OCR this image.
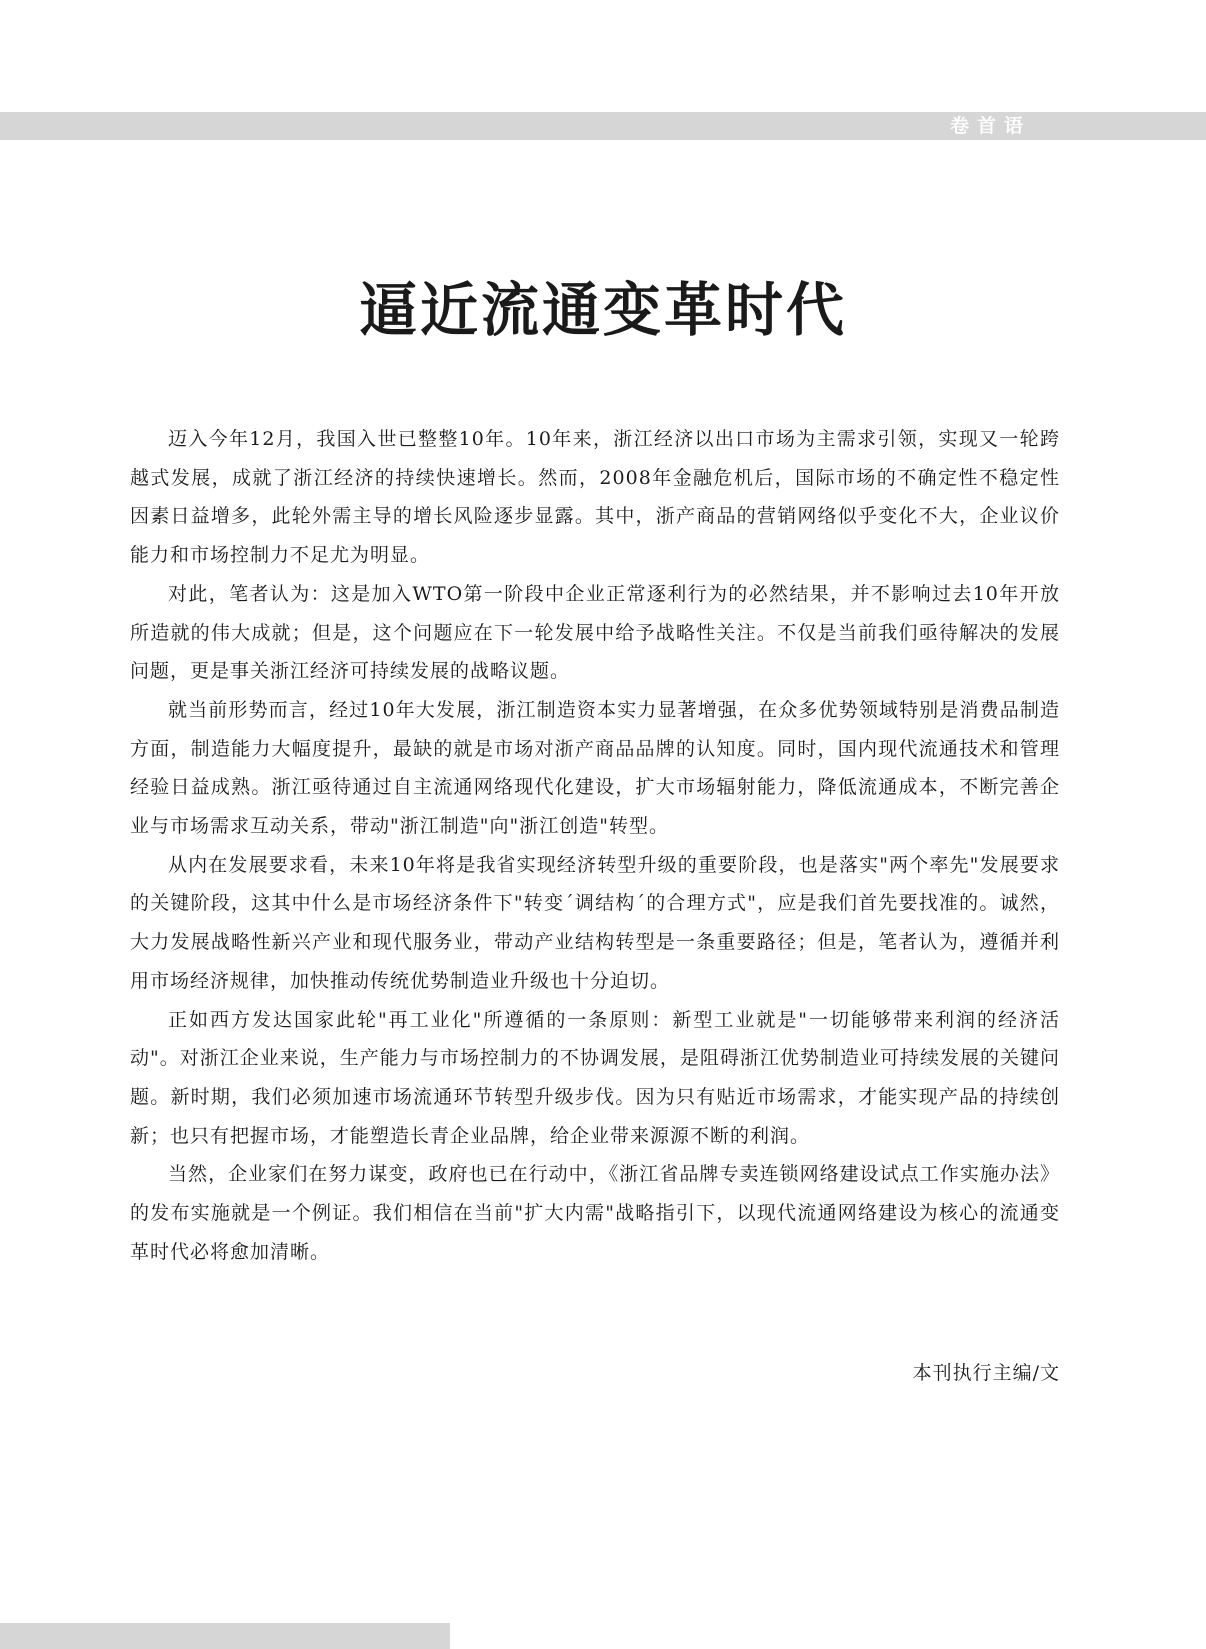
卷首语
逼近流通变革时代

迈入今年12月，我国入世已整整10年。10年来，浙江经济以出口市场为主需求引领，实现又一轮跨越式发展，成就了浙江经济的持续快速增长。然而，2008年金融危机后，国际市场的不确定性不稳定性因素日益增多，此轮外需主导的增长风险逐步显露。其中，浙产商品的营销网络似乎变化不大，企业议价能力和市场控制力不足尤为明显。

对此，笔者认为：这是加入WTO第一阶段中企业正常逐利行为的必然结果，并不影响过去10年开放所造就的伟大成就；但是，这个问题应在下一轮发展中给予战略性关注。不仅是当前我们亟待解决的发展问题，更是事关浙江经济可持续发展的战略议题。

就当前形势而言，经过10年大发展，浙江制造资本实力显著增强，在众多优势领域特别是消费品制造方面，制造能力大幅度提升，最缺的就是市场对浙产商品品牌的认知度。同时，国内现代流通技术和管理经验日益成熟。浙江亟待通过自主流通网络现代化建设，扩大市场辐射能力，降低流通成本，不断完善企业与市场需求互动关系，带动"浙江制造"向"浙江创造"转型。

从内在发展要求看，未来10年将是我省实现经济转型升级的重要阶段，也是落实"两个率先"发展要求的关键阶段，这其中什么是市场经济条件下"转变´调结构´的合理方式"，应是我们首先要找准的。诚然，大力发展战略性新兴产业和现代服务业，带动产业结构转型是一条重要路径；但是，笔者认为，遵循并利用市场经济规律，加快推动传统优势制造业升级也十分迫切。

正如西方发达国家此轮"再工业化"所遵循的一条原则：新型工业就是"一切能够带来利润的经济活动"。对浙江企业来说，生产能力与市场控制力的不协调发展，是阻碍浙江优势制造业可持续发展的关键问题。新时期，我们必须加速市场流通环节转型升级步伐。因为只有贴近市场需求，才能实现产品的持续创新；也只有把握市场，才能塑造长青企业品牌，给企业带来源源不断的利润。

当然，企业家们在努力谋变，政府也已在行动中，《浙江省品牌专卖连锁网络建设试点工作实施办法》的发布实施就是一个例证。我们相信在当前"扩大内需"战略指引下，以现代流通网络建设为核心的流通变革时代必将愈加清晰。

本刊执行主编/文
